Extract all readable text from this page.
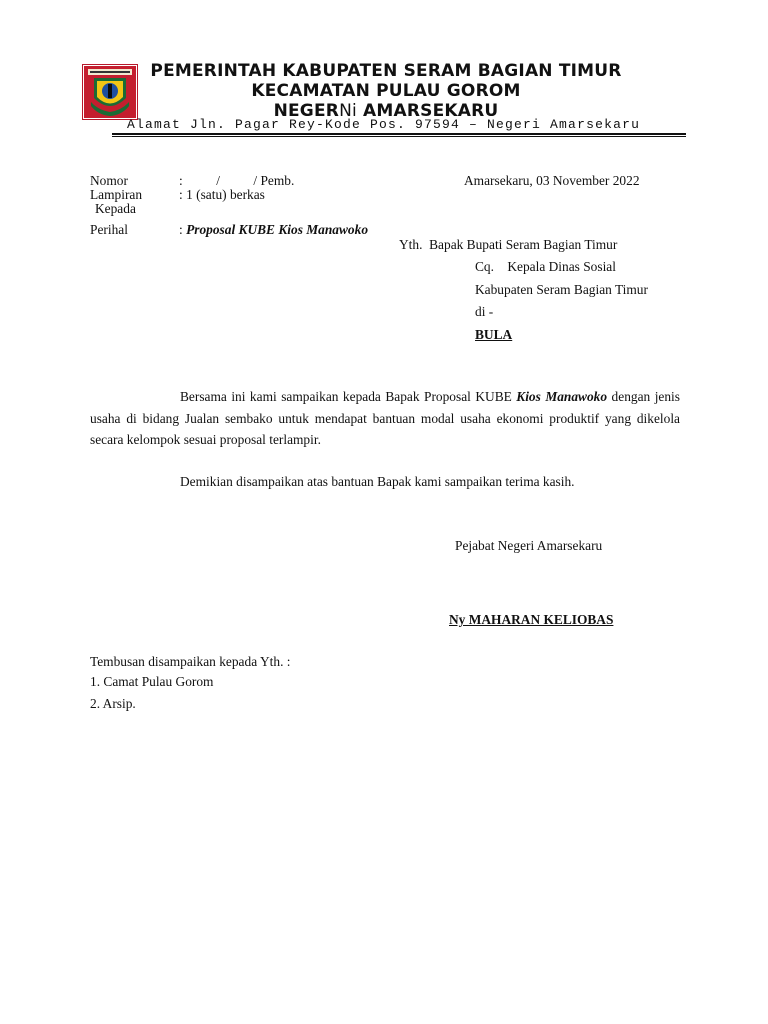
PEMERINTAH KABUPATEN SERAM BAGIAN TIMUR
KECAMATAN PULAU GOROM
NEGERNi AMARSEKARU
Alamat Jln. Pagar Rey-Kode Pos. 97594 – Negeri Amarsekaru
Nomor	:          /          / Pemb.	Amarsekaru, 03 November 2022
Lampiran	: 1 (satu) berkas
Kepada
Perihal	: Proposal KUBE Kios Manawoko
Yth.  Bapak Bupati Seram Bagian Timur
Cq.    Kepala Dinas Sosial
Kabupaten Seram Bagian Timur
di -
BULA
Bersama ini kami sampaikan kepada Bapak Proposal KUBE Kios Manawoko dengan jenis usaha di bidang Jualan sembako untuk mendapat bantuan modal usaha ekonomi produktif yang dikelola secara kelompok sesuai proposal terlampir.
Demikian disampaikan atas bantuan Bapak kami sampaikan terima kasih.
Pejabat Negeri Amarsekaru
Ny MAHARAN KELIOBAS
Tembusan disampaikan kepada Yth. :
1. Camat Pulau Gorom
2. Arsip.
